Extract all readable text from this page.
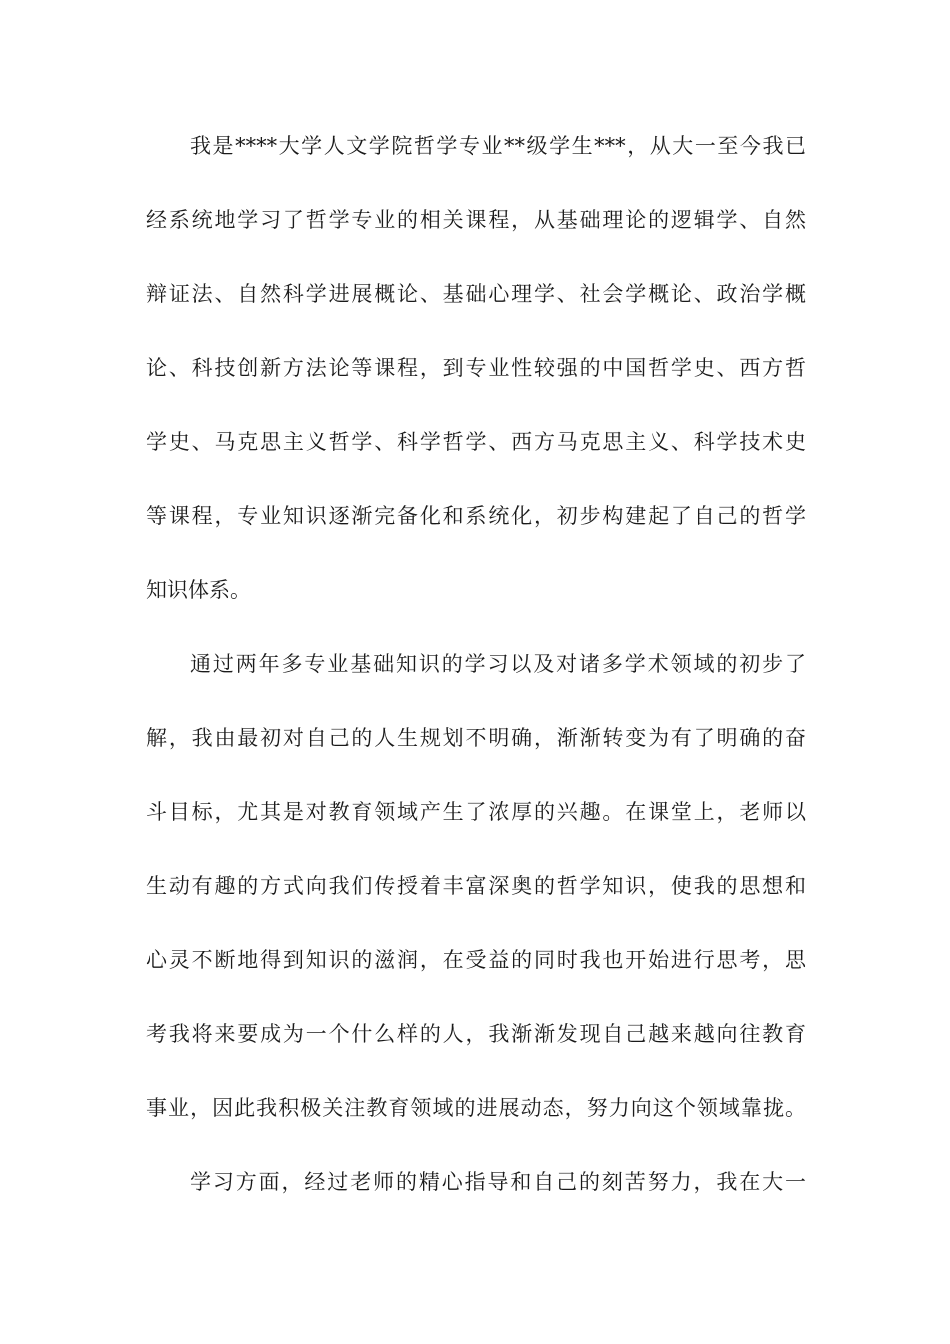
我是****大学人文学院哲学专业**级学生***，从大一至今我已
经系统地学习了哲学专业的相关课程，从基础理论的逻辑学、自然
辩证法、自然科学进展概论、基础心理学、社会学概论、政治学概
论、科技创新方法论等课程，到专业性较强的中国哲学史、西方哲
学史、马克思主义哲学、科学哲学、西方马克思主义、科学技术史
等课程，专业知识逐渐完备化和系统化，初步构建起了自己的哲学
知识体系。
通过两年多专业基础知识的学习以及对诸多学术领域的初步了
解，我由最初对自己的人生规划不明确，渐渐转变为有了明确的奋
斗目标，尤其是对教育领域产生了浓厚的兴趣。在课堂上，老师以
生动有趣的方式向我们传授着丰富深奥的哲学知识，使我的思想和
心灵不断地得到知识的滋润，在受益的同时我也开始进行思考，思
考我将来要成为一个什么样的人，我渐渐发现自己越来越向往教育
事业，因此我积极关注教育领域的进展动态，努力向这个领域靠拢。
学习方面，经过老师的精心指导和自己的刻苦努力，我在大一
